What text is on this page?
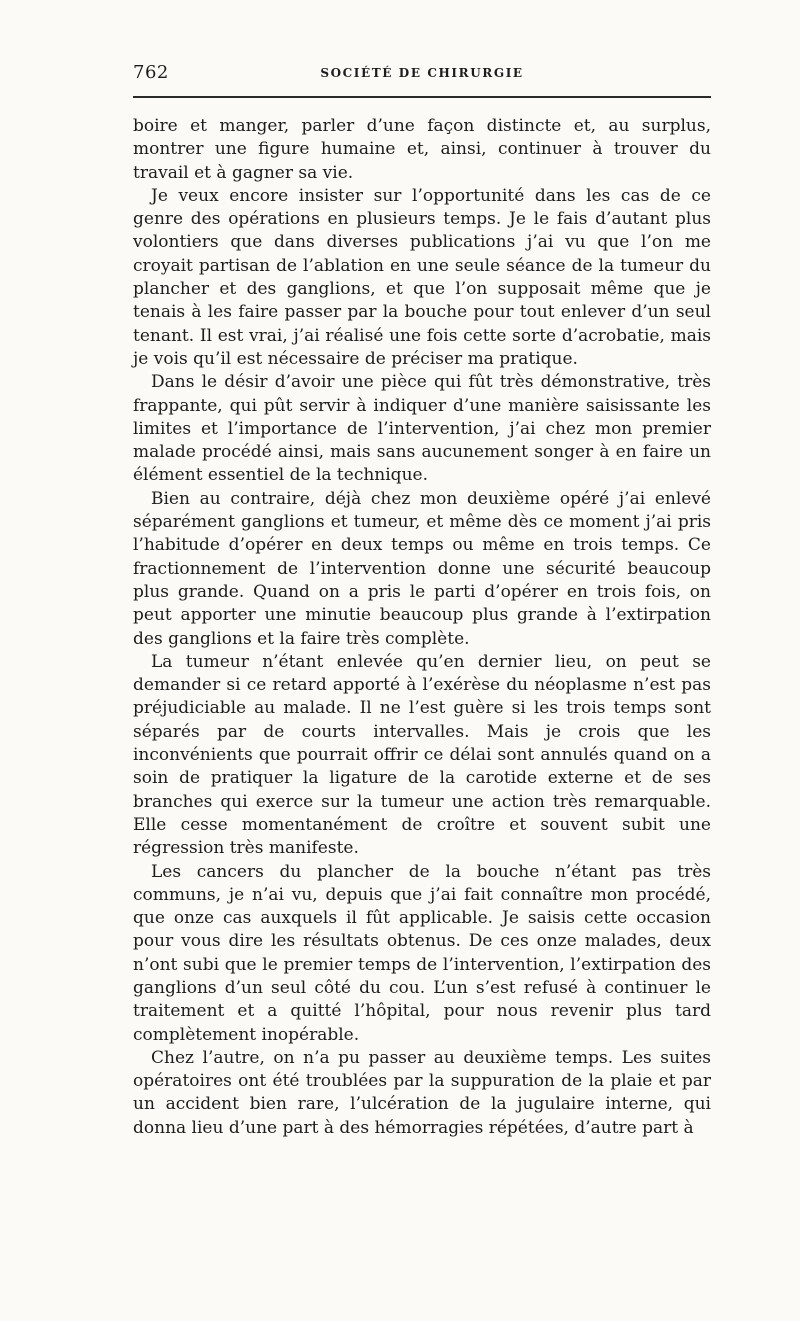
762	SOCIÉTÉ DE CHIRURGIE

boire et manger, parler d’une façon distincte et, au surplus, montrer une figure humaine et, ainsi, continuer à trouver du travail et à gagner sa vie.

Je veux encore insister sur l’opportunité dans les cas de ce genre des opérations en plusieurs temps. Je le fais d’autant plus volontiers que dans diverses publications j’ai vu que l’on me croyait partisan de l’ablation en une seule séance de la tumeur du plancher et des ganglions, et que l’on supposait même que je tenais à les faire passer par la bouche pour tout enlever d’un seul tenant. Il est vrai, j’ai réalisé une fois cette sorte d’acrobatie, mais je vois qu’il est nécessaire de préciser ma pratique.

Dans le désir d’avoir une pièce qui fût très démonstrative, très frappante, qui pût servir à indiquer d’une manière saisissante les limites et l’importance de l’intervention, j’ai chez mon premier malade procédé ainsi, mais sans aucunement songer à en faire un élément essentiel de la technique.

Bien au contraire, déjà chez mon deuxième opéré j’ai enlevé séparément ganglions et tumeur, et même dès ce moment j’ai pris l’habitude d’opérer en deux temps ou même en trois temps. Ce fractionnement de l’intervention donne une sécurité beaucoup plus grande. Quand on a pris le parti d’opérer en trois fois, on peut apporter une minutie beaucoup plus grande à l’extirpation des ganglions et la faire très complète.

La tumeur n’étant enlevée qu’en dernier lieu, on peut se demander si ce retard apporté à l’exérèse du néoplasme n’est pas préjudiciable au malade. Il ne l’est guère si les trois temps sont séparés par de courts intervalles. Mais je crois que les inconvénients que pourrait offrir ce délai sont annulés quand on a soin de pratiquer la ligature de la carotide externe et de ses branches qui exerce sur la tumeur une action très remarquable. Elle cesse momentanément de croître et souvent subit une régression très manifeste.

Les cancers du plancher de la bouche n’étant pas très communs, je n’ai vu, depuis que j’ai fait connaître mon procédé, que onze cas auxquels il fût applicable. Je saisis cette occasion pour vous dire les résultats obtenus. De ces onze malades, deux n’ont subi que le premier temps de l’intervention, l’extirpation des ganglions d’un seul côté du cou. L’un s’est refusé à continuer le traitement et a quitté l’hôpital, pour nous revenir plus tard complètement inopérable.

Chez l’autre, on n’a pu passer au deuxième temps. Les suites opératoires ont été troublées par la suppuration de la plaie et par un accident bien rare, l’ulcération de la jugulaire interne, qui donna lieu d’une part à des hémorragies répétées, d’autre part à
